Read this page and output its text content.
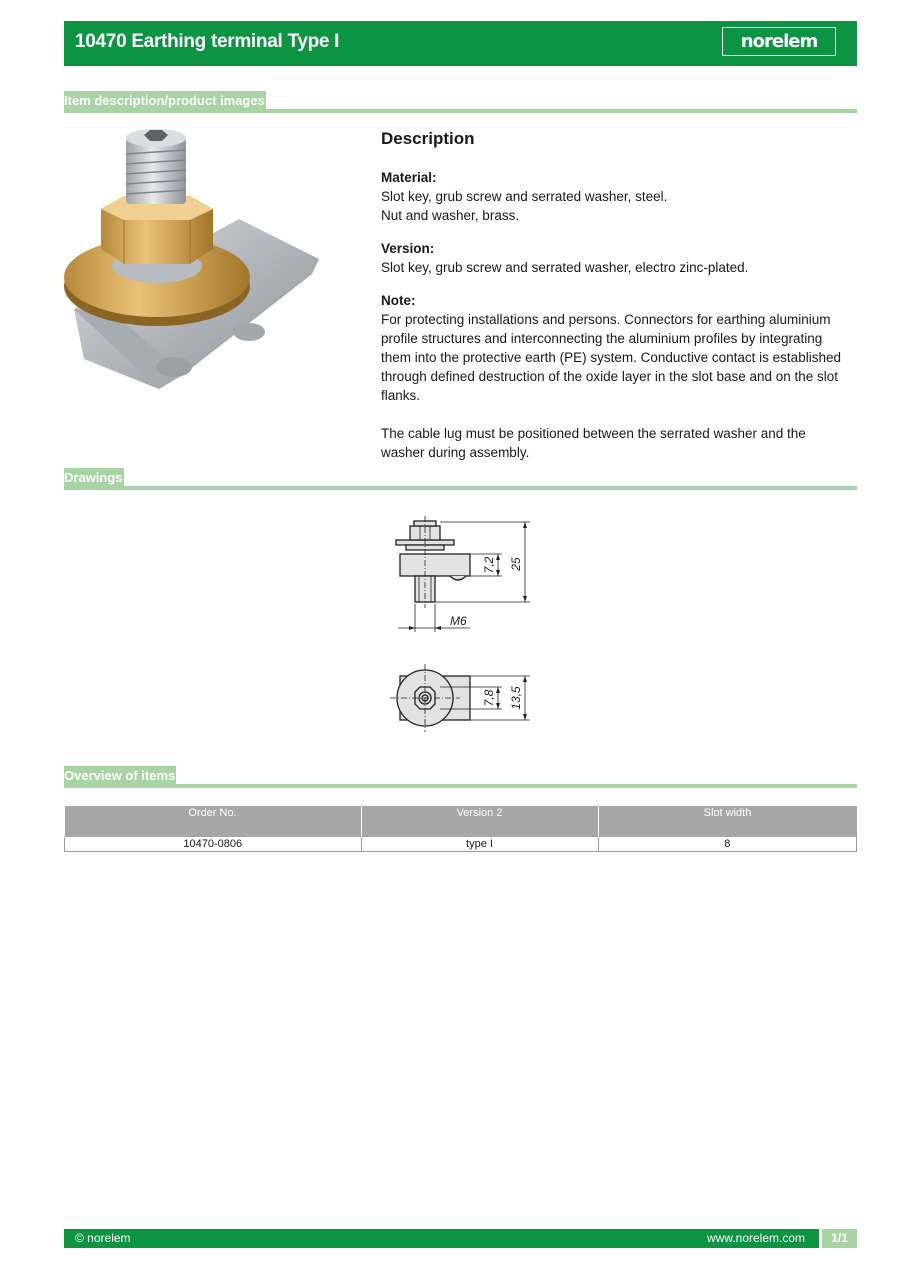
10470 Earthing terminal Type I	norelem
Item description/product images
Description

Material:

Slot key, grub screw and serrated washer, steel.

Nut and washer, brass.

Version:

Slot key, grub screw and serrated washer, electro zinc-plated.

Note:

For protecting installations and persons. Connectors for earthing aluminium profile structures and interconnecting the aluminium profiles by integrating them into the protective earth (PE) system. Conductive contact is established through defined destruction of the oxide layer in the slot base and on the slot flanks.

The cable lug must be positioned between the serrated washer and the washer during assembly.

Drawings
7,2 25
M6
7,8 13,5
Overview of items
Order No.	Version 2	Slot width
10470-0806	type I	8
© norelem	www.norelem.com	1/1
